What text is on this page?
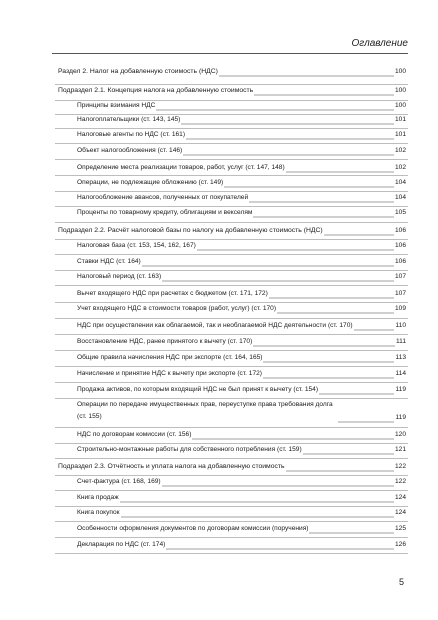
Оглавление
Раздел 2. Налог на добавленную стоимость (НДС)	100
Подраздел 2.1. Концепция налога на добавленную стоимость	100
Принципы взимания НДС	100
Налогоплательщики (ст. 143, 145)	101
Налоговые агенты по НДС (ст. 161)	101
Объект налогообложения (ст. 146)	102
Определение места реализации товаров, работ, услуг (ст. 147, 148)	102
Операции, не подлежащие обложению (ст. 149)	104
Налогообложение авансов, полученных от покупателей	104
Проценты по товарному кредиту, облигациям и векселям	105
Подраздел 2.2. Расчёт налоговой базы по налогу на добавленную стоимость (НДС)	106
Налоговая база (ст. 153, 154, 162, 167)	106
Ставки НДС (ст. 164)	106
Налоговый период (ст. 163)	107
Вычет входящего НДС при расчетах с бюджетом (ст. 171, 172)	107
Учет входящего НДС в стоимости товаров (работ, услуг) (ст. 170)	109
НДС при осуществлении как облагаемой, так и необлагаемой НДС деятельности (ст. 170)	110
Восстановление НДС, ранее принятого к вычету (ст. 170)	111
Общие правила начисления НДС при экспорте (ст. 164, 165)	113
Начисление и принятие НДС к вычету при экспорте (ст. 172)	114
Продажа активов, по которым входящий НДС не был принят к вычету (ст. 154)	119
Операции по передаче имущественных прав, переуступке права требования долга (ст. 155)	119
НДС по договорам комиссии (ст. 156)	120
Строительно-монтажные работы для собственного потребления (ст. 159)	121
Подраздел 2.3. Отчётность и уплата налога на добавленную стоимость	122
Счет-фактура (ст. 168, 169)	122
Книга продаж	124
Книга покупок	124
Особенности оформления документов по договорам комиссии (поручения)	125
Декларация по НДС (ст. 174)	126
5
